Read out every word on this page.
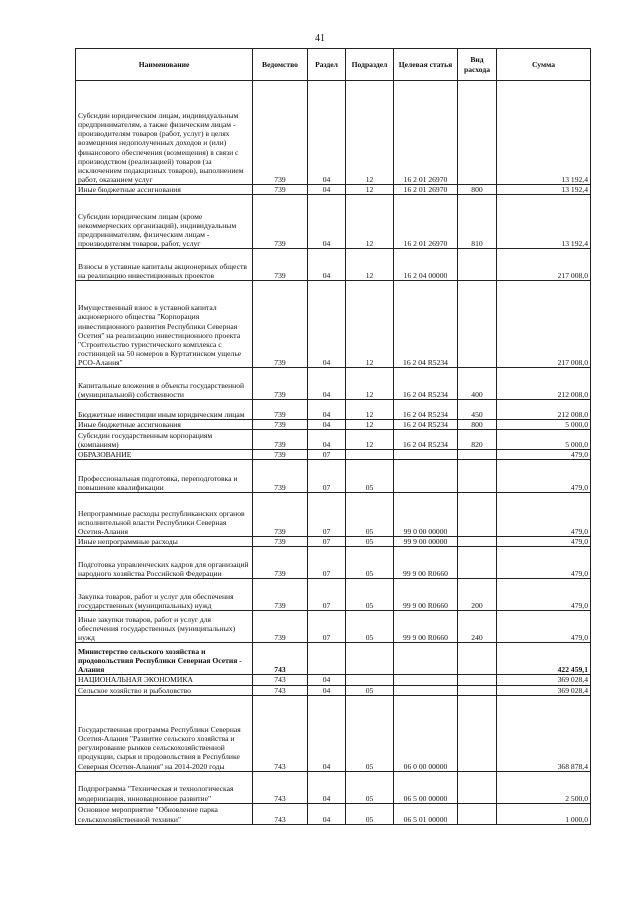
41
Наименование	Ведомство	Раздел	Подраздел	Целевая статья	Вид расхода	Сумма
Субсидии юридическим лицам, индивидуальным предпринимателям, а также физическим лицам - производителям товаров (работ, услуг) в целях возмещения недополученных доходов и (или) финансового обеспечения (возмещения) в связи с производством (реализацией) товаров (за исключением подакцизных товаров), выполнением работ, оказанием услуг	739	04	12	16 2 01 26970		13 192,4
Иные бюджетные ассигнования	739	04	12	16 2 01 26970	800	13 192,4
Субсидии юридическим лицам (кроме некоммерческих организаций), индивидуальным предпринимателям, физическим лицам - производителям товаров, работ, услуг	739	04	12	16 2 01 26970	810	13 192,4
Взносы в уставные капиталы акционерных обществ на реализацию инвестиционных проектов	739	04	12	16 2 04 00000		217 008,0
Имущественный взнос в уставной капитал акционерного общества "Корпорация инвестиционного развития Республики Северная Осетия" на реализацию инвестиционного проекта "Строительство туристического комплекса с гостиницей на 50 номеров в Куртатинском ущелье РСО-Алания"	739	04	12	16 2 04 R5234		217 008,0
Капитальные вложения в объекты государственной (муниципальной) собственности	739	04	12	16 2 04 R5234	400	212 008,0
Бюджетные инвестиции иным юридическим лицам	739	04	12	16 2 04 R5234	450	212 008,0
Иные бюджетные ассигнования	739	04	12	16 2 04 R5234	800	5 000,0
Субсидии государственным корпорациям (компаниям)	739	04	12	16 2 04 R5234	820	5 000,0
ОБРАЗОВАНИЕ	739	07				479,0
Профессиональная подготовка, переподготовка и повышение квалификации	739	07	05			479,0
Непрограммные расходы республиканских органов исполнительной власти Республики Северная Осетия-Алания	739	07	05	99 0 00 00000		479,0
Иные непрограммные расходы	739	07	05	99 9 00 00000		479,0
Подготовка управленческих кадров для организаций народного хозяйства Российской Федерации	739	07	05	99 9 00 R0660		479,0
Закупка товаров, работ и услуг для обеспечения государственных (муниципальных) нужд	739	07	05	99 9 00 R0660	200	479,0
Иные закупки товаров, работ и услуг для обеспечения государственных (муниципальных) нужд	739	07	05	99 9 00 R0660	240	479,0
Министерство сельского хозяйства и продовольствия Республики Северная Осетия - Алания	743					422 459,1
НАЦИОНАЛЬНАЯ ЭКОНОМИКА	743	04				369 028,4
Сельское хозяйство и рыболовство	743	04	05			369 028,4
Государственная программа Республики Северная Осетия-Алания "Развитие сельского хозяйства и регулирование рынков сельскохозяйственной продукции, сырья и продовольствия в Республике Северная Осетия-Алания" на 2014-2020 годы	743	04	05	06 0 00 00000		368 878,4
Подпрограмма "Техническая и технологическая модернизация, инновационное развитие"	743	04	05	06 5 00 00000		2 500,0
Основное мероприятие "Обновление парка сельскохозяйственной техники"	743	04	05	06 5 01 00000		1 000,0
